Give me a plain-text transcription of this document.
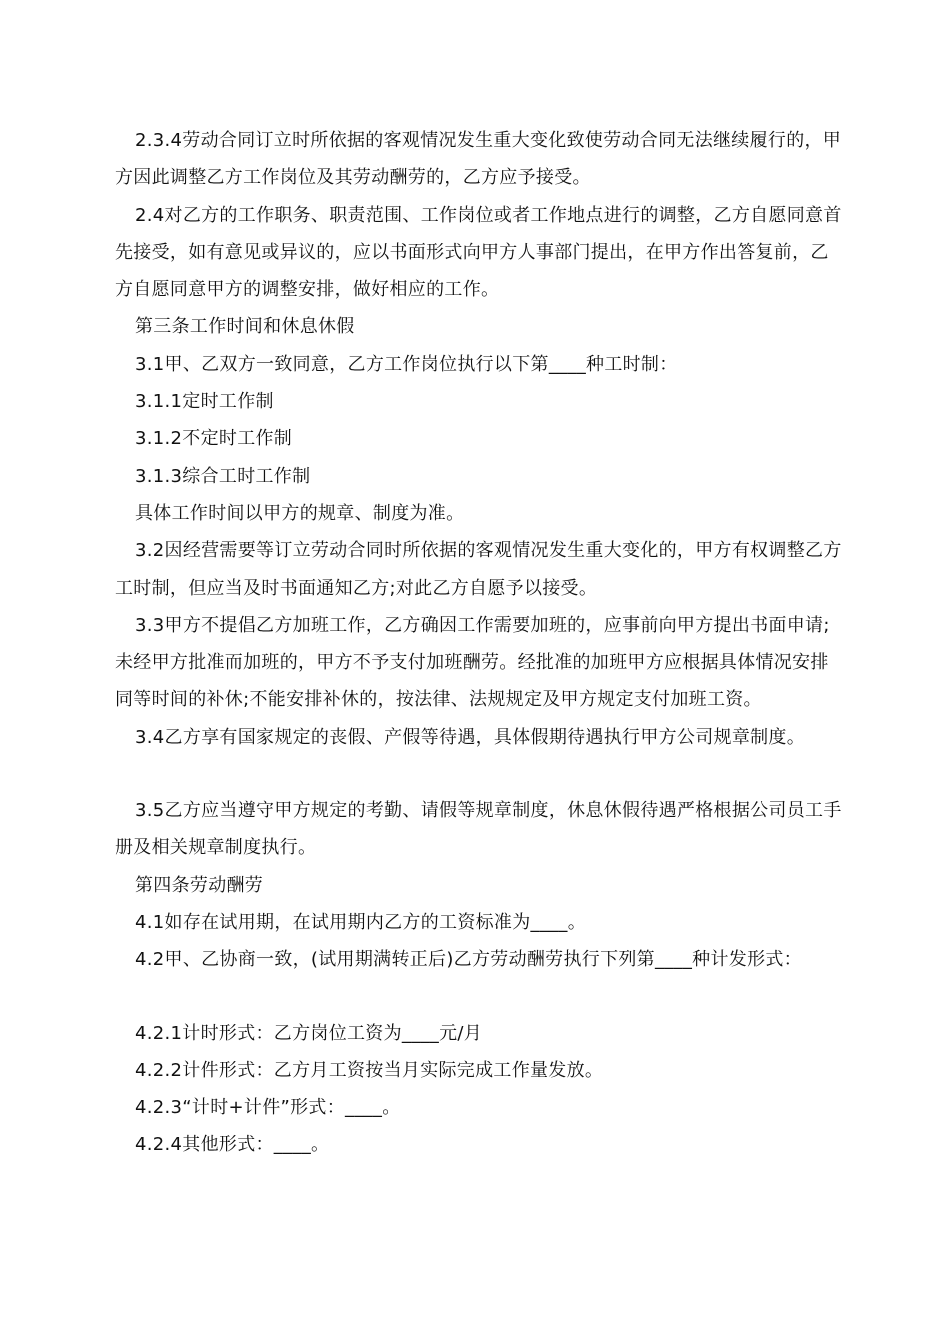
2.3.4劳动合同订立时所依据的客观情况发生重大变化致使劳动合同无法继续履行的，甲方因此调整乙方工作岗位及其劳动酬劳的，乙方应予接受。

2.4对乙方的工作职务、职责范围、工作岗位或者工作地点进行的调整，乙方自愿同意首先接受，如有意见或异议的，应以书面形式向甲方人事部门提出，在甲方作出答复前，乙方自愿同意甲方的调整安排，做好相应的工作。

第三条工作时间和休息休假

3.1甲、乙双方一致同意，乙方工作岗位执行以下第____种工时制：

3.1.1定时工作制

3.1.2不定时工作制

3.1.3综合工时工作制

具体工作时间以甲方的规章、制度为准。

3.2因经营需要等订立劳动合同时所依据的客观情况发生重大变化的，甲方有权调整乙方工时制，但应当及时书面通知乙方;对此乙方自愿予以接受。

3.3甲方不提倡乙方加班工作，乙方确因工作需要加班的，应事前向甲方提出书面申请;未经甲方批准而加班的，甲方不予支付加班酬劳。经批准的加班甲方应根据具体情况安排同等时间的补休;不能安排补休的，按法律、法规规定及甲方规定支付加班工资。

3.4乙方享有国家规定的丧假、产假等待遇，具体假期待遇执行甲方公司规章制度。

3.5乙方应当遵守甲方规定的考勤、请假等规章制度，休息休假待遇严格根据公司员工手册及相关规章制度执行。

第四条劳动酬劳

4.1如存在试用期，在试用期内乙方的工资标准为____。

4.2甲、乙协商一致，(试用期满转正后)乙方劳动酬劳执行下列第____种计发形式：

4.2.1计时形式：乙方岗位工资为____元/月

4.2.2计件形式：乙方月工资按当月实际完成工作量发放。

4.2.3“计时+计件”形式：____。

4.2.4其他形式：____。
